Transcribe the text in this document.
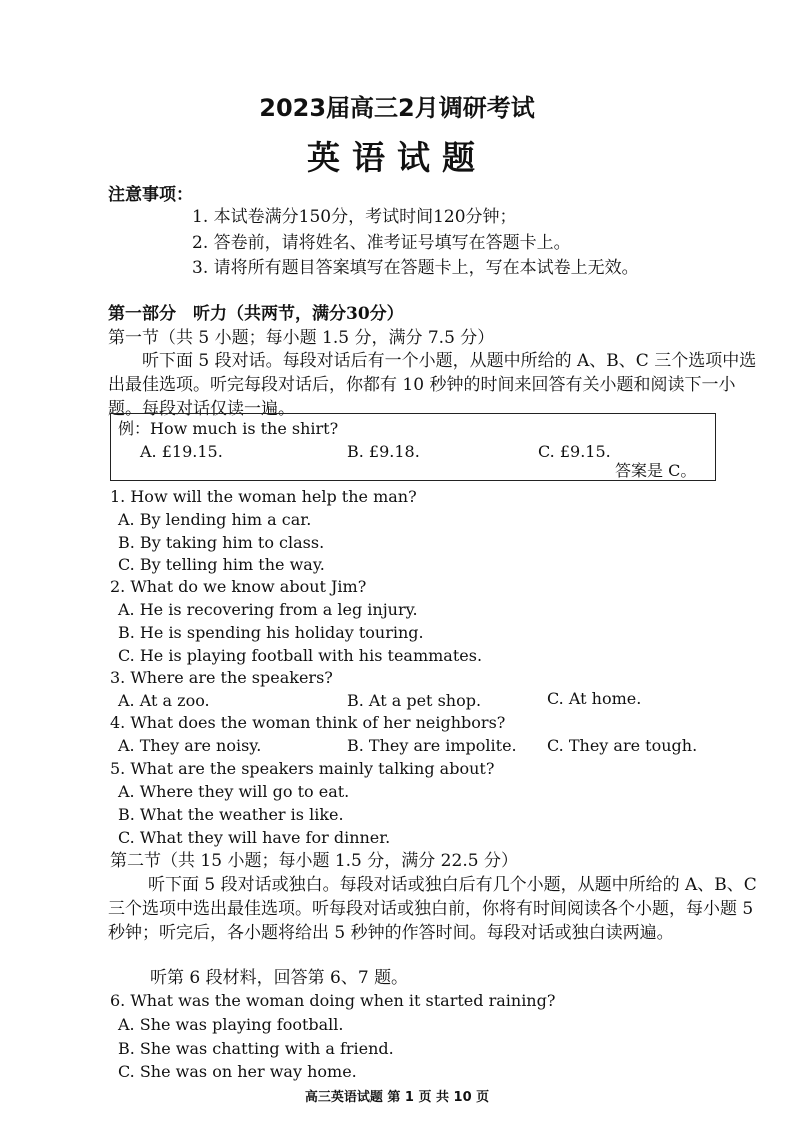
2023届高三2月调研考试
英语试题
注意事项：
1. 本试卷满分150分，考试时间120分钟；
2. 答卷前，请将姓名、准考证号填写在答题卡上。
3. 请将所有题目答案填写在答题卡上，写在本试卷上无效。
第一部分　听力（共两节，满分30分）
第一节（共 5 小题；每小题 1.5 分，满分 7.5 分）
听下面 5 段对话。每段对话后有一个小题，从题中所给的 A、B、C 三个选项中选出最佳选项。听完每段对话后，你都有 10 秒钟的时间来回答有关小题和阅读下一小题。每段对话仅读一遍。
例：How much is the shirt?
A. £19.15.	B. £9.18.	C. £9.15.
答案是 C。
1. How will the woman help the man?
A. By lending him a car.
B. By taking him to class.
C. By telling him the way.
2. What do we know about Jim?
A. He is recovering from a leg injury.
B. He is spending his holiday touring.
C. He is playing football with his teammates.
3. Where are the speakers?
A. At a zoo.	B. At a pet shop.	C. At home.
4. What does the woman think of her neighbors?
A. They are noisy.	B. They are impolite. C. They are tough.
5. What are the speakers mainly talking about?
A. Where they will go to eat.
B. What the weather is like.
C. What they will have for dinner.
第二节（共 15 小题；每小题 1.5 分，满分 22.5 分）
听下面 5 段对话或独白。每段对话或独白后有几个小题，从题中所给的 A、B、C 三个选项中选出最佳选项。听每段对话或独白前，你将有时间阅读各个小题，每小题 5 秒钟；听完后，各小题将给出 5 秒钟的作答时间。每段对话或独白读两遍。
听第 6 段材料，回答第 6、7 题。
6. What was the woman doing when it started raining?
A. She was playing football.
B. She was chatting with a friend.
C. She was on her way home.
高三英语试题 第 1 页 共 10 页
